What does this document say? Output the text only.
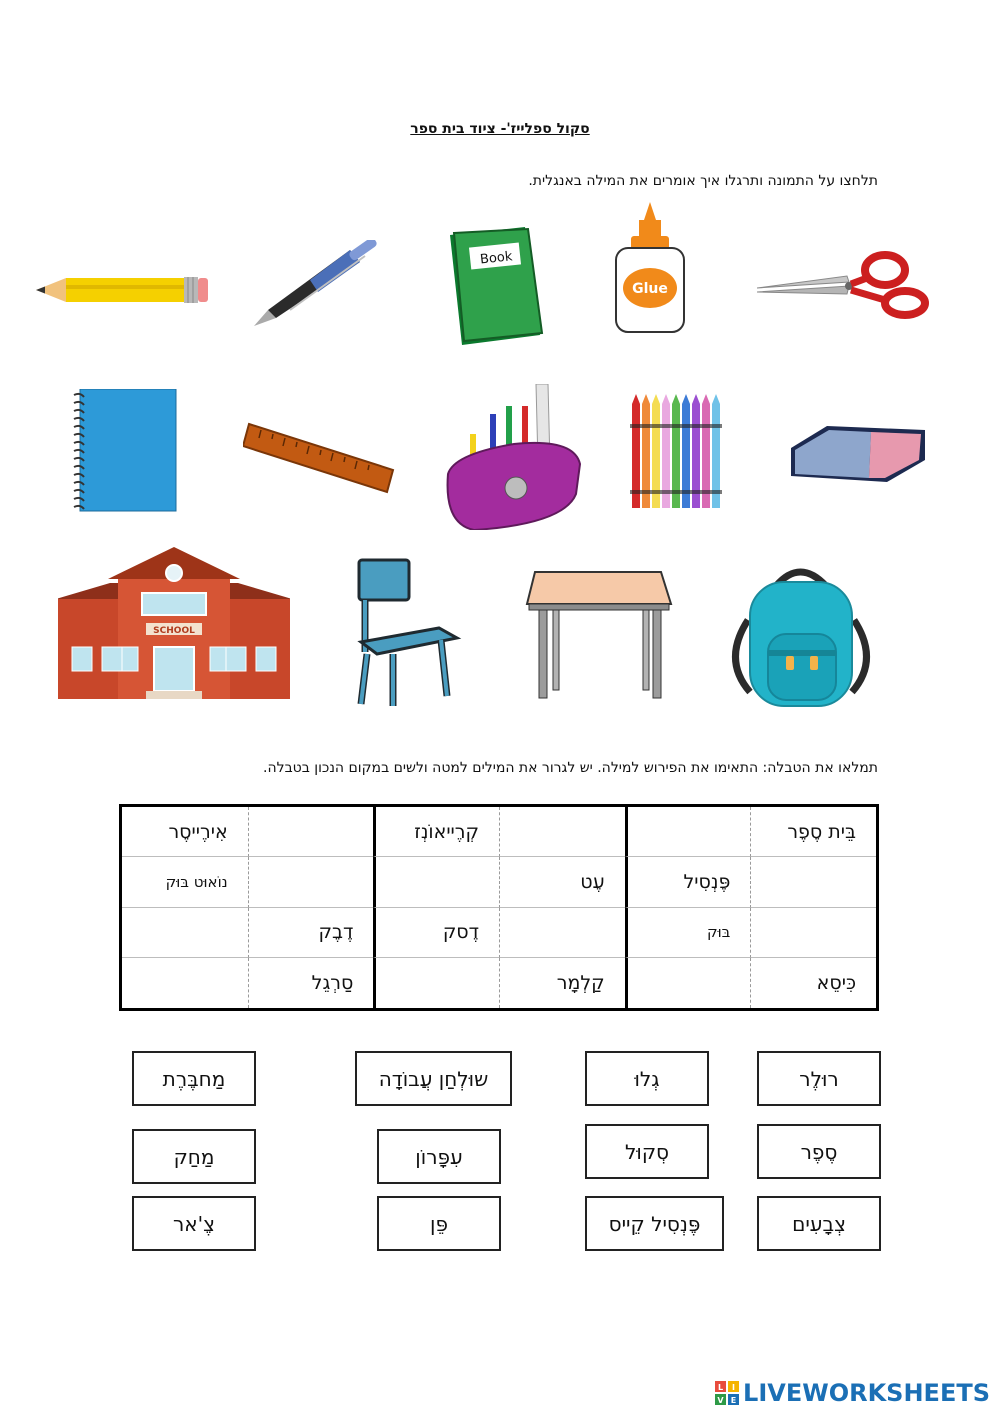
סקול ספלייז'- ציוד בית ספר
תלחצו על התמונה ותרגלו איך אומרים את המילה באנגלית.
Book
Glue
SCHOOL
תמלאו את הטבלה: התאימו את הפירוש למילה. יש לגרור את המילים למטה ולשים במקום הנכון בטבלה.
בֵּית סֶפֶר
קְרֶייאוֹנְז
אִירֶייסֶר
פֶּנְסִיל
עֶט
נוֹאוּט בּוּק
בּוּק
דֶסק
דֶבֶק
כִּיסֵא
קַלְמָר
סַרְגֵל
רוּלֶר
גְלוּ
שוּלְחַן עֲבוֹדָה
מַחבֶּרֶת
סֶפֶר
סְקוּל
עִפָּרוֹן
מַחַק
צְבָעִים
פֶּנְסִיל קֵייס
פֵּן
צֶ'אר
L I
V E LIVEWORKSHEETS
